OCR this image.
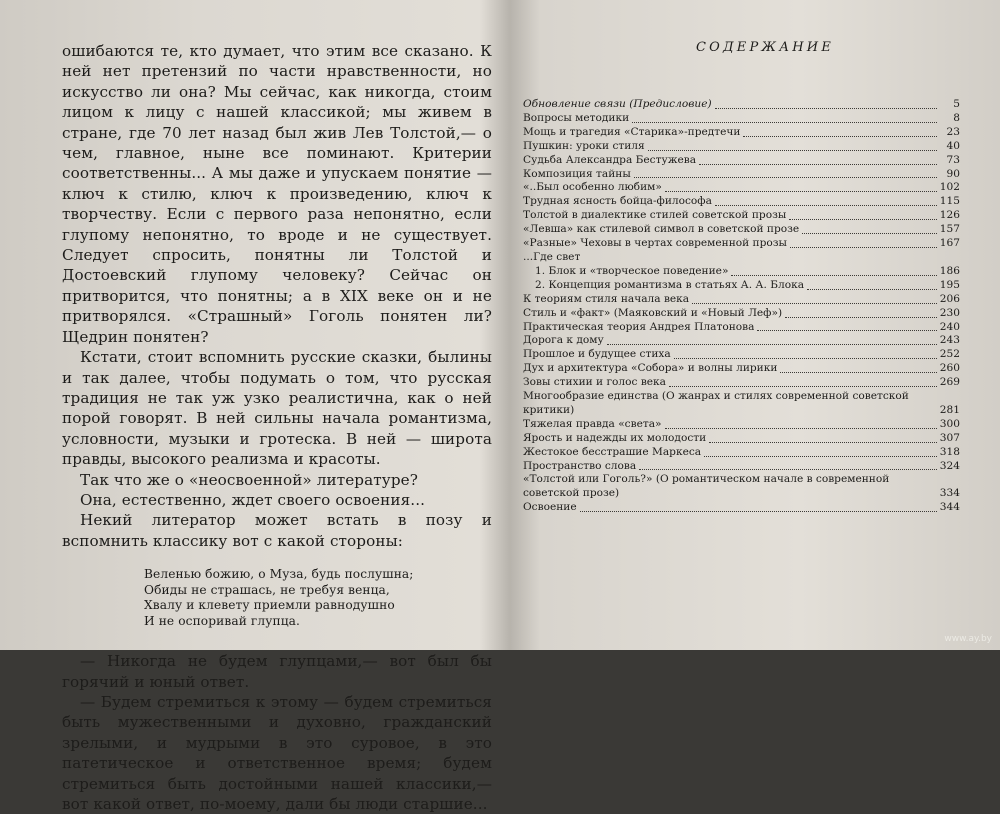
ошибаются те, кто думает, что этим все сказано. К ней нет претензий по части нравственности, но искусство ли она? Мы сейчас, как никогда, стоим лицом к лицу с нашей классикой; мы живем в стране, где 70 лет назад был жив Лев Толстой,— о чем, главное, ныне все поминают. Критерии соответственны... А мы даже и упускаем понятие — ключ к стилю, ключ к произведению, ключ к творчеству. Если с первого раза непонятно, если глупому непонятно, то вроде и не существует. Следует спросить, понятны ли Толстой и Достоевский глупому человеку? Сейчас он притворится, что понятны; а в XIX веке он и не притворялся. «Страшный» Гоголь понятен ли? Щедрин понятен?

Кстати, стоит вспомнить русские сказки, былины и так далее, чтобы подумать о том, что русская традиция не так уж узко реалистична, как о ней порой говорят. В ней сильны начала романтизма, условности, музыки и гротеска. В ней — широта правды, высокого реализма и красоты.

Так что же о «неосвоенной» литературе?

Она, естественно, ждет своего освоения...

Некий литератор может встать в позу и вспомнить классику вот с какой стороны:

Веленью божию, о Муза, будь послушна;
Обиды не страшась, не требуя венца,
Хвалу и клевету приемли равнодушно
И не оспоривай глупца.

— Никогда не будем глупцами,— вот был бы горячий и юный ответ.

— Будем стремиться к этому — будем стремиться быть мужественными и духовно, гражданский зрелыми, и мудрыми в это суровое, в это патетическое и ответственное время; будем стремиться быть достойными нашей классики,— вот какой ответ, по-моему, дали бы люди старшие...

СОДЕРЖАНИЕ
Обновление связи (Предисловие)	5
Вопросы методики	8
Мощь и трагедия «Старика»-предтечи	23
Пушкин: уроки стиля	40
Судьба Александра Бестужева	73
Композиция тайны	90
«..Был особенно любим»	102
Трудная ясность бойца-философа	115
Толстой в диалектике стилей советской прозы	126
«Левша» как стилевой символ в советской прозе	157
«Разные» Чеховы в чертах современной прозы	167
...Где свет
1. Блок и «творческое поведение»	186
2. Концепция романтизма в статьях А. А. Блока	195
К теориям стиля начала века	206
Стиль и «факт» (Маяковский и «Новый Леф»)	230
Практическая теория Андрея Платонова	240
Дорога к дому	243
Прошлое и будущее стиха	252
Дух и архитектура «Собора» и волны лирики	260
Зовы стихии и голос века	269
Многообразие единства (О жанрах и стилях современной советской критики)	281
Тяжелая правда «света»	300
Ярость и надежды их молодости	307
Жестокое бесстрашие Маркеса	318
Пространство слова	324
«Толстой или Гоголь?» (О романтическом начале в современной советской прозе)	334
Освоение	344
www.ay.by
